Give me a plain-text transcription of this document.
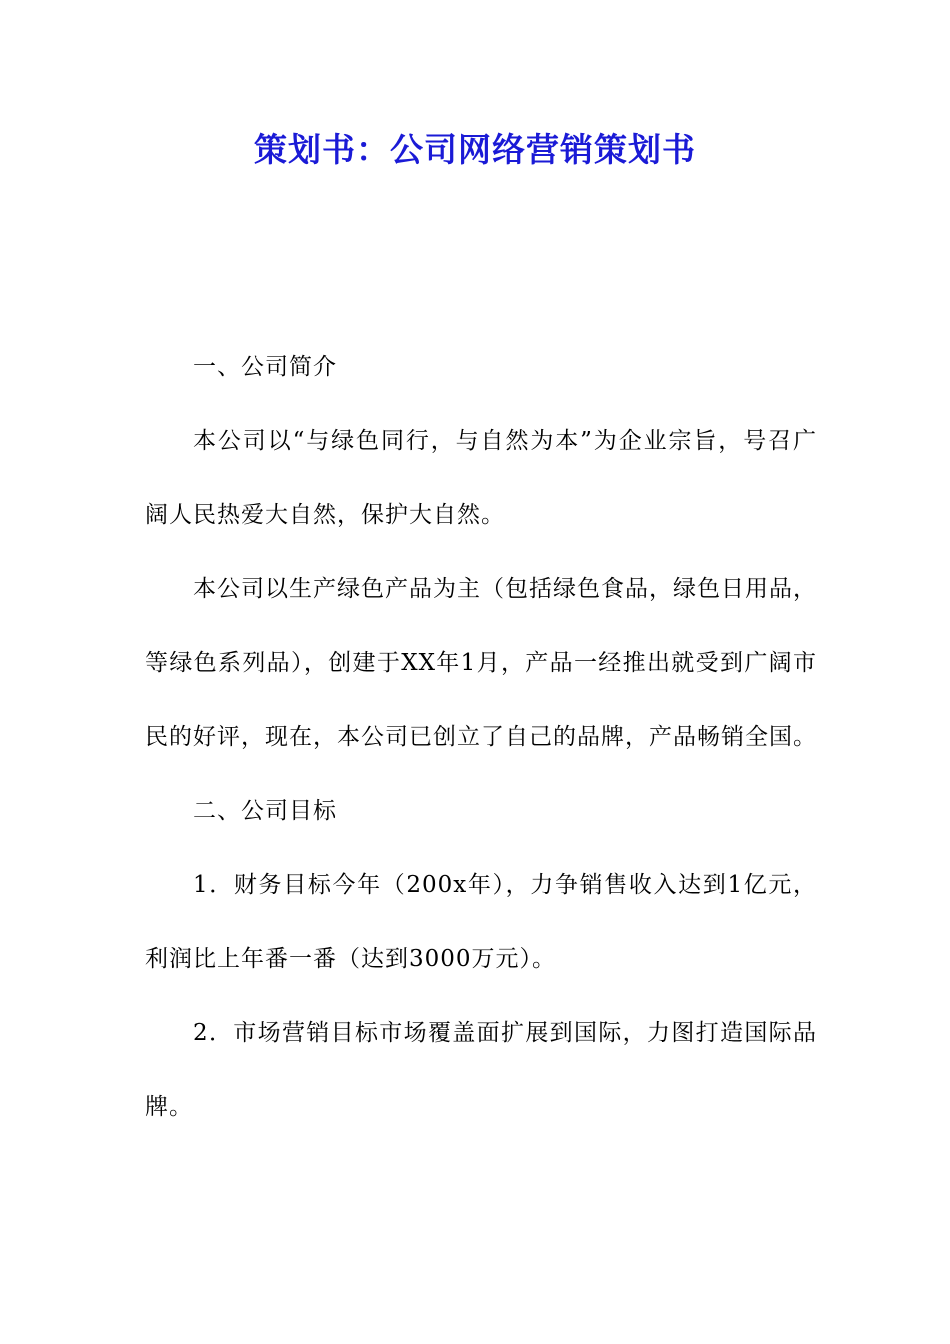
策划书：公司网络营销策划书

一、公司简介

本公司以“与绿色同行，与自然为本”为企业宗旨，号召广阔人民热爱大自然，保护大自然。

本公司以生产绿色产品为主（包括绿色食品，绿色日用品，等绿色系列品），创建于XX年1月，产品一经推出就受到广阔市民的好评，现在，本公司已创立了自己的品牌，产品畅销全国。

二、公司目标

1．财务目标今年（200x年），力争销售收入达到1亿元，利润比上年番一番（达到3000万元）。

2．市场营销目标市场覆盖面扩展到国际，力图打造国际品牌。
